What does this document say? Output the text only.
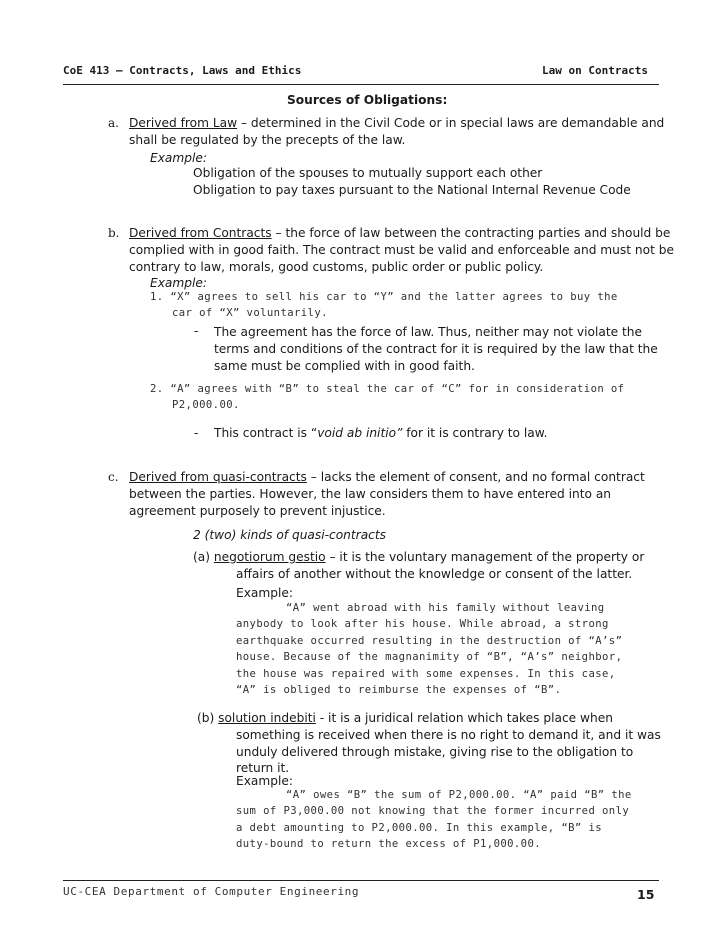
CoE 413 – Contracts, Laws and Ethics	Law on Contracts
Sources of Obligations:
a. Derived from Law – determined in the Civil Code or in special laws are demandable and
shall be regulated by the precepts of the law.
Example:
Obligation of the spouses to mutually support each other
Obligation to pay taxes pursuant to the National Internal Revenue Code
b. Derived from Contracts – the force of law between the contracting parties and should be
complied with in good faith. The contract must be valid and enforceable and must not be
contrary to law, morals, good customs, public order or public policy.
Example:
1. “X” agrees to sell his car to “Y” and the latter agrees to buy the
car of “X” voluntarily.
- The agreement has the force of law. Thus, neither may not violate the
terms and conditions of the contract for it is required by the law that the
same must be complied with in good faith.
2. “A” agrees with “B” to steal the car of “C” for in consideration of
P2,000.00.
- This contract is “void ab initio” for it is contrary to law.
c. Derived from quasi-contracts – lacks the element of consent, and no formal contract
between the parties. However, the law considers them to have entered into an
agreement purposely to prevent injustice.
2 (two) kinds of quasi-contracts
(a) negotiorum gestio – it is the voluntary management of the property or
affairs of another without the knowledge or consent of the latter.
Example:
“A” went abroad with his family without leaving
anybody to look after his house. While abroad, a strong
earthquake occurred resulting in the destruction of “A’s”
house. Because of the magnanimity of “B”, “A’s” neighbor,
the house was repaired with some expenses. In this case,
“A” is obliged to reimburse the expenses of “B”.
(b) solution indebiti - it is a juridical relation which takes place when
something is received when there is no right to demand it, and it was
unduly delivered through mistake, giving rise to the obligation to
return it.
Example:
“A” owes “B” the sum of P2,000.00. “A” paid “B” the
sum of P3,000.00 not knowing that the former incurred only
a debt amounting to P2,000.00. In this example, “B” is
duty-bound to return the excess of P1,000.00.
UC-CEA Department of Computer Engineering	15
